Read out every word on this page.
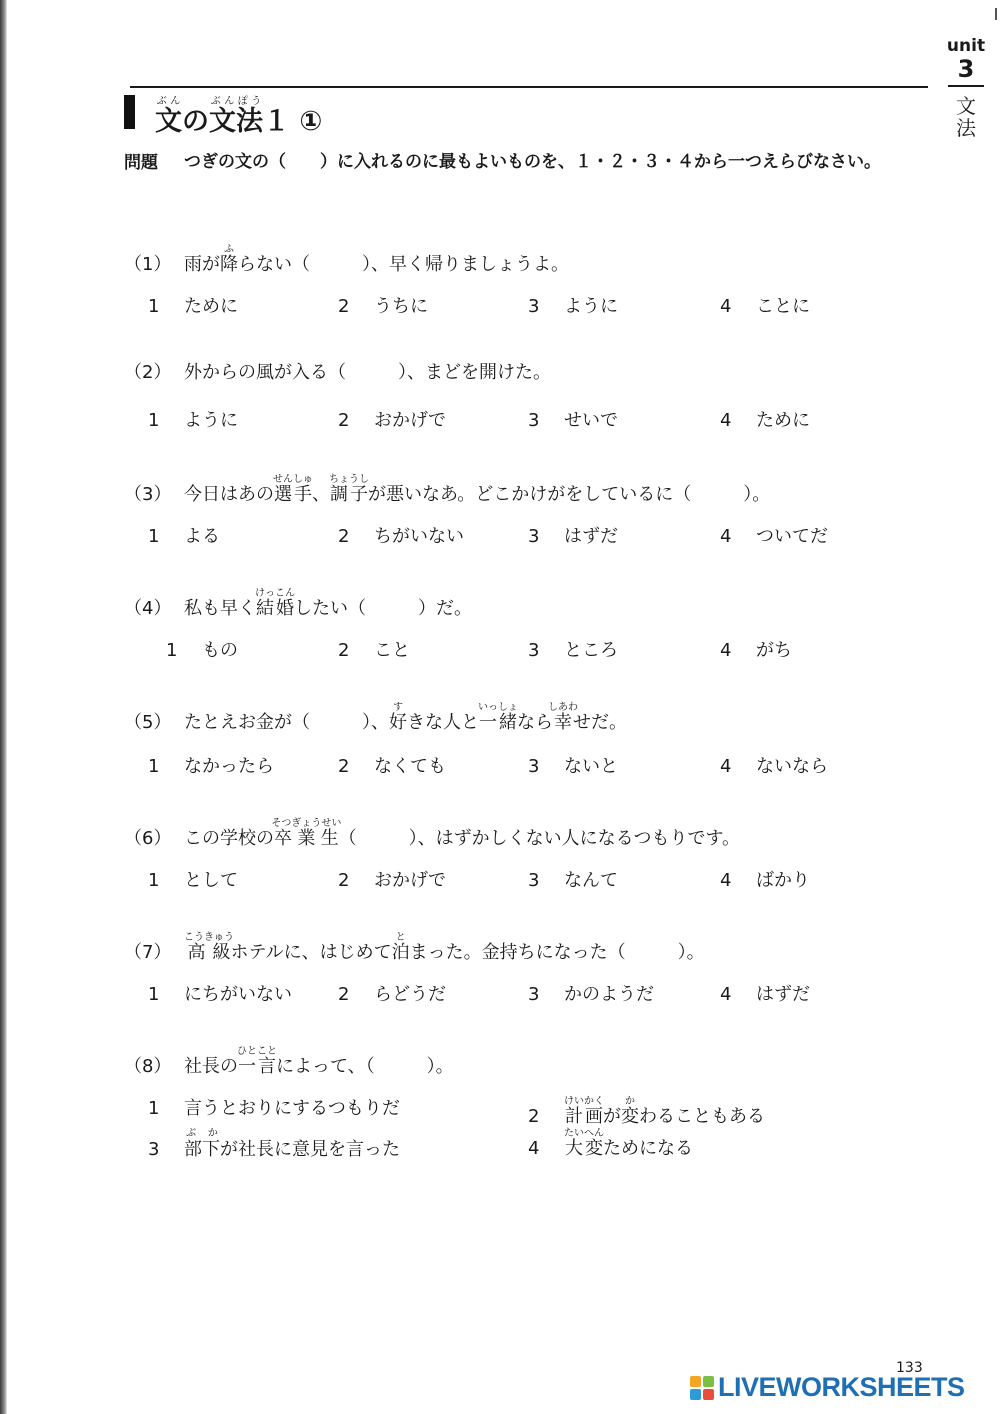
unit
3
文法
文ぶんの文法ぶんぽう１ ①
問題 つぎの文の（　　）に入れるのに最もよいものを、１・２・３・４から一つえらびなさい。
（1） 雨が降ふらない（	）、早く帰りましょうよ。
1 ために	2 うちに	3 ように	4 ことに
（2） 外からの風が入る（	）、まどを開けた。
1 ように	2 おかげで	3 せいで	4 ために
（3） 今日はあの選手せんしゅ、調子ちょうしが悪いなあ。どこかけがをしているに（	）。
1 よる	2 ちがいない	3 はずだ	4 ついてだ
（4） 私も早く結婚けっこんしたい（	）だ。
1 もの	2 こと	3 ところ	4 がち
（5） たとえお金が（	）、好すきな人と一緒いっしょなら幸しあわせだ。
1 なかったら	2 なくても	3 ないと	4 ないなら
（6） この学校の卒業生そつぎょうせい（	）、はずかしくない人になるつもりです。
1 として	2 おかげで	3 なんて	4 ばかり
（7） 高級こうきゅうホテルに、はじめて泊とまった。金持ちになった（	）。
1 にちがいない	2 らどうだ	3 かのようだ	4 はずだ
（8） 社長の一言ひとことによって、（	）。
1 言うとおりにするつもりだ	2 計画けいかくが変かわることもある
3 部下ぶ かが社長に意見を言った	4 大変たいへんためになる
133
LIVEWORKSHEETS
